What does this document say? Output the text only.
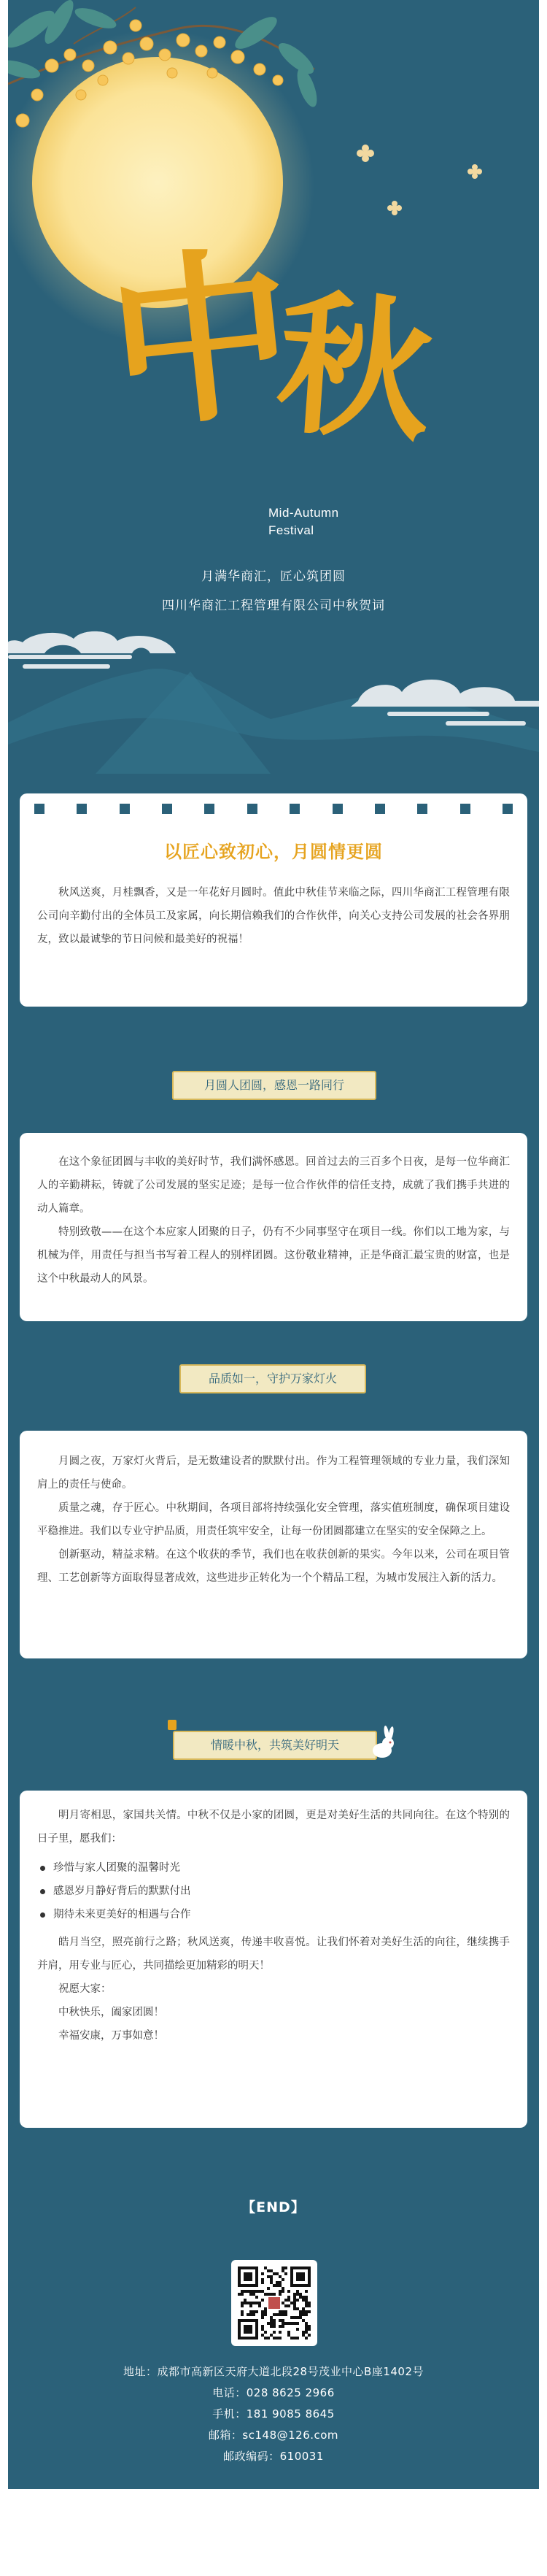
中
秋
Mid-Autumn
Festival
月满华商汇，匠心筑团圆
四川华商汇工程管理有限公司中秋贺词
以匠心致初心，月圆情更圆

秋风送爽，月桂飘香，又是一年花好月圆时。值此中秋佳节来临之际，四川华商汇工程管理有限公司向辛勤付出的全体员工及家属，向长期信赖我们的合作伙伴，向关心支持公司发展的社会各界朋友，致以最诚挚的节日问候和最美好的祝福！

月圆人团圆，感恩一路同行

在这个象征团圆与丰收的美好时节，我们满怀感恩。回首过去的三百多个日夜，是每一位华商汇人的辛勤耕耘，铸就了公司发展的坚实足迹；是每一位合作伙伴的信任支持，成就了我们携手共进的动人篇章。

特别致敬——在这个本应家人团聚的日子，仍有不少同事坚守在项目一线。你们以工地为家，与机械为伴，用责任与担当书写着工程人的别样团圆。这份敬业精神，正是华商汇最宝贵的财富，也是这个中秋最动人的风景。

品质如一，守护万家灯火

月圆之夜，万家灯火背后，是无数建设者的默默付出。作为工程管理领域的专业力量，我们深知肩上的责任与使命。

质量之魂，存于匠心。中秋期间，各项目部将持续强化安全管理，落实值班制度，确保项目建设平稳推进。我们以专业守护品质，用责任筑牢安全，让每一份团圆都建立在坚实的安全保障之上。

创新驱动，精益求精。在这个收获的季节，我们也在收获创新的果实。今年以来，公司在项目管理、工艺创新等方面取得显著成效，这些进步正转化为一个个精品工程，为城市发展注入新的活力。

情暖中秋，共筑美好明天

明月寄相思，家国共关情。中秋不仅是小家的团圆，更是对美好生活的共同向往。在这个特别的日子里，愿我们：

珍惜与家人团聚的温馨时光
感恩岁月静好背后的默默付出
期待未来更美好的相遇与合作

皓月当空，照亮前行之路；秋风送爽，传递丰收喜悦。让我们怀着对美好生活的向往，继续携手并肩，用专业与匠心，共同描绘更加精彩的明天！

祝愿大家：

中秋快乐，阖家团圆！

幸福安康，万事如意！

【END】
地址：成都市高新区天府大道北段28号茂业中心B座1402号
电话：028 8625 2966
手机：181 9085 8645
邮箱：sc148@126.com
邮政编码：610031
